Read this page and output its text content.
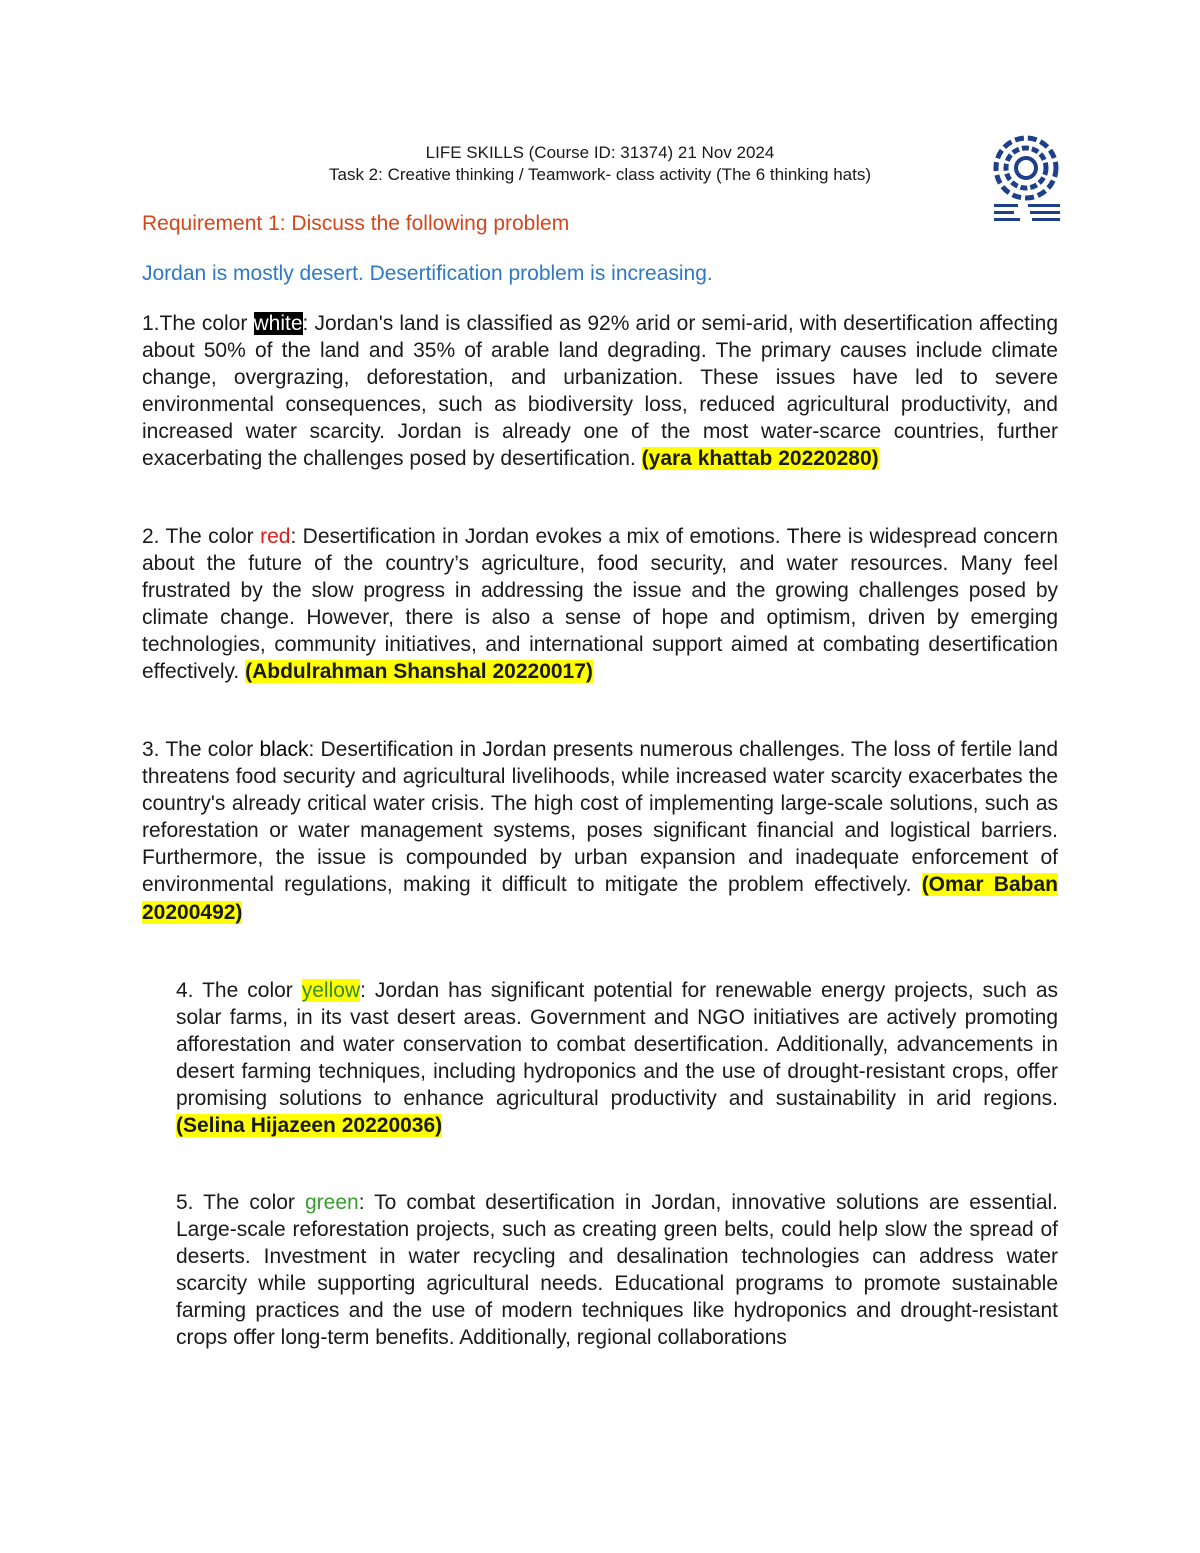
LIFE SKILLS (Course ID: 31374) 21 Nov 2024
Task 2: Creative thinking / Teamwork- class activity (The 6 thinking hats)
Requirement 1: Discuss the following problem
Jordan is mostly desert. Desertification problem is increasing.
1.The color white: Jordan's land is classified as 92% arid or semi-arid, with desertification affecting about 50% of the land and 35% of arable land degrading. The primary causes include climate change, overgrazing, deforestation, and urbanization. These issues have led to severe environmental consequences, such as biodiversity loss, reduced agricultural productivity, and increased water scarcity. Jordan is already one of the most water-scarce countries, further exacerbating the challenges posed by desertification. (yara khattab 20220280)
2. The color red: Desertification in Jordan evokes a mix of emotions. There is widespread concern about the future of the country’s agriculture, food security, and water resources. Many feel frustrated by the slow progress in addressing the issue and the growing challenges posed by climate change. However, there is also a sense of hope and optimism, driven by emerging technologies, community initiatives, and international support aimed at combating desertification effectively. (Abdulrahman Shanshal 20220017)
3. The color black: Desertification in Jordan presents numerous challenges. The loss of fertile land threatens food security and agricultural livelihoods, while increased water scarcity exacerbates the country's already critical water crisis. The high cost of implementing large-scale solutions, such as reforestation or water management systems, poses significant financial and logistical barriers. Furthermore, the issue is compounded by urban expansion and inadequate enforcement of environmental regulations, making it difficult to mitigate the problem effectively. (Omar Baban 20200492)
4. The color yellow: Jordan has significant potential for renewable energy projects, such as solar farms, in its vast desert areas. Government and NGO initiatives are actively promoting afforestation and water conservation to combat desertification. Additionally, advancements in desert farming techniques, including hydroponics and the use of drought-resistant crops, offer promising solutions to enhance agricultural productivity and sustainability in arid regions. (Selina Hijazeen 20220036)
5. The color green: To combat desertification in Jordan, innovative solutions are essential. Large-scale reforestation projects, such as creating green belts, could help slow the spread of deserts. Investment in water recycling and desalination technologies can address water scarcity while supporting agricultural needs. Educational programs to promote sustainable farming practices and the use of modern techniques like hydroponics and drought-resistant crops offer long-term benefits. Additionally, regional collaborations
